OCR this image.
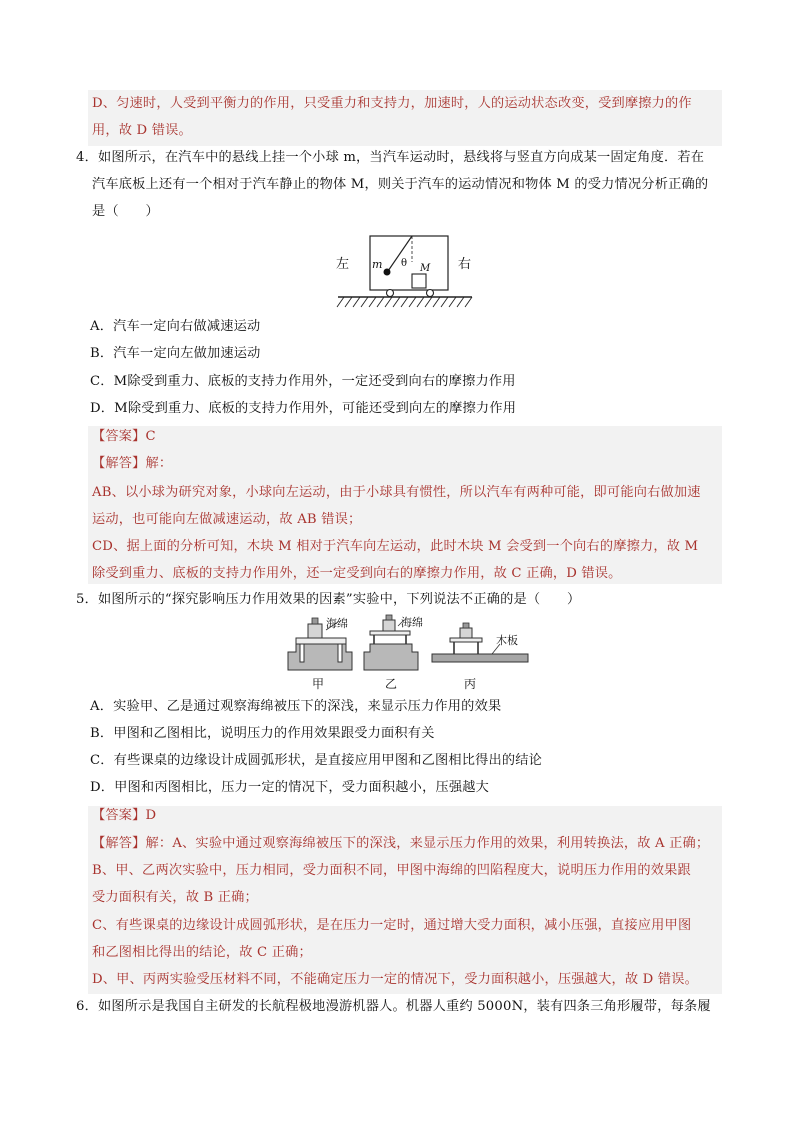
D、匀速时，人受到平衡力的作用，只受重力和支持力，加速时，人的运动状态改变，受到摩擦力的作
用，故 D 错误。
4．如图所示，在汽车中的悬线上挂一个小球 m，当汽车运动时，悬线将与竖直方向成某一固定角度．若在
汽车底板上还有一个相对于汽车静止的物体 M，则关于汽车的运动情况和物体 M 的受力情况分析正确的
是（　　）
左	右
m θ M
A．汽车一定向右做减速运动
B．汽车一定向左做加速运动
C．M除受到重力、底板的支持力作用外，一定还受到向右的摩擦力作用
D．M除受到重力、底板的支持力作用外，可能还受到向左的摩擦力作用
【答案】C
【解答】解：
AB、以小球为研究对象，小球向左运动，由于小球具有惯性，所以汽车有两种可能，即可能向右做加速
运动，也可能向左做减速运动，故 AB 错误；
CD、据上面的分析可知，木块 M 相对于汽车向左运动，此时木块 M 会受到一个向右的摩擦力，故 M
除受到重力、底板的支持力作用外，还一定受到向右的摩擦力作用，故 C 正确，D 错误。
5．如图所示的“探究影响压力作用效果的因素”实验中，下列说法不正确的是（　　）
海绵
甲
海绵
乙
木板
丙
A．实验甲、乙是通过观察海绵被压下的深浅，来显示压力作用的效果
B．甲图和乙图相比，说明压力的作用效果跟受力面积有关
C．有些课桌的边缘设计成圆弧形状，是直接应用甲图和乙图相比得出的结论
D．甲图和丙图相比，压力一定的情况下，受力面积越小，压强越大
【答案】D
【解答】解：A、实验中通过观察海绵被压下的深浅，来显示压力作用的效果，利用转换法，故 A 正确；
B、甲、乙两次实验中，压力相同，受力面积不同，甲图中海绵的凹陷程度大，说明压力作用的效果跟
受力面积有关，故 B 正确；
C、有些课桌的边缘设计成圆弧形状，是在压力一定时，通过增大受力面积，减小压强，直接应用甲图
和乙图相比得出的结论，故 C 正确；
D、甲、丙两实验受压材料不同，不能确定压力一定的情况下，受力面积越小，压强越大，故 D 错误。
6．如图所示是我国自主研发的长航程极地漫游机器人。机器人重约 5000N，装有四条三角形履带，每条履
